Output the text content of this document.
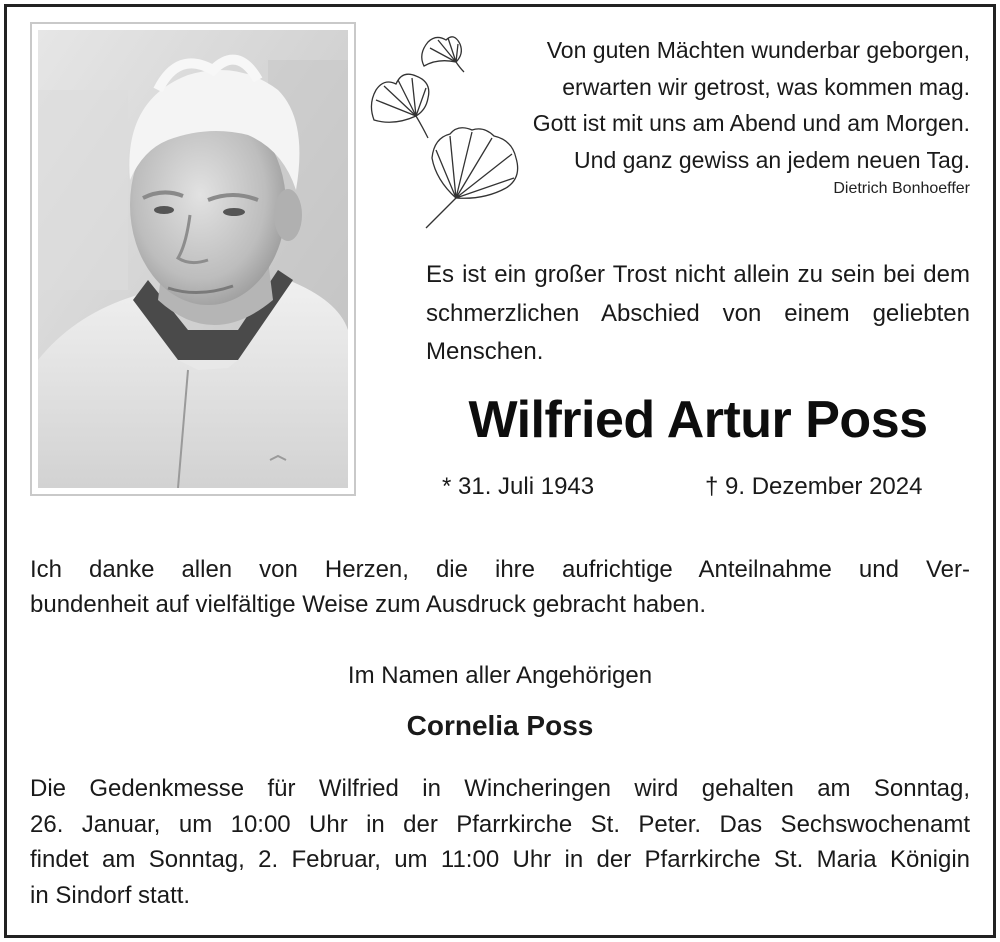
Von guten Mächten wunderbar geborgen,
erwarten wir getrost, was kommen mag.
Gott ist mit uns am Abend und am Morgen.
Und ganz gewiss an jedem neuen Tag.
Dietrich Bonhoeffer
Es ist ein großer Trost nicht allein zu sein bei dem schmerzlichen Abschied von einem geliebten Menschen.
Wilfried Artur Poss
* 31. Juli 1943	† 9. Dezember 2024
Ich danke allen von Herzen, die ihre aufrichtige Anteilnahme und Ver-
bundenheit auf vielfältige Weise zum Ausdruck gebracht haben.
Im Namen aller Angehörigen
Cornelia Poss
Die Gedenkmesse für Wilfried in Wincheringen wird gehalten am Sonntag,
26. Januar, um 10:00 Uhr in der Pfarrkirche St. Peter. Das Sechswochenamt
findet am Sonntag, 2. Februar, um 11:00 Uhr in der Pfarrkirche St. Maria Königin
in Sindorf statt.
